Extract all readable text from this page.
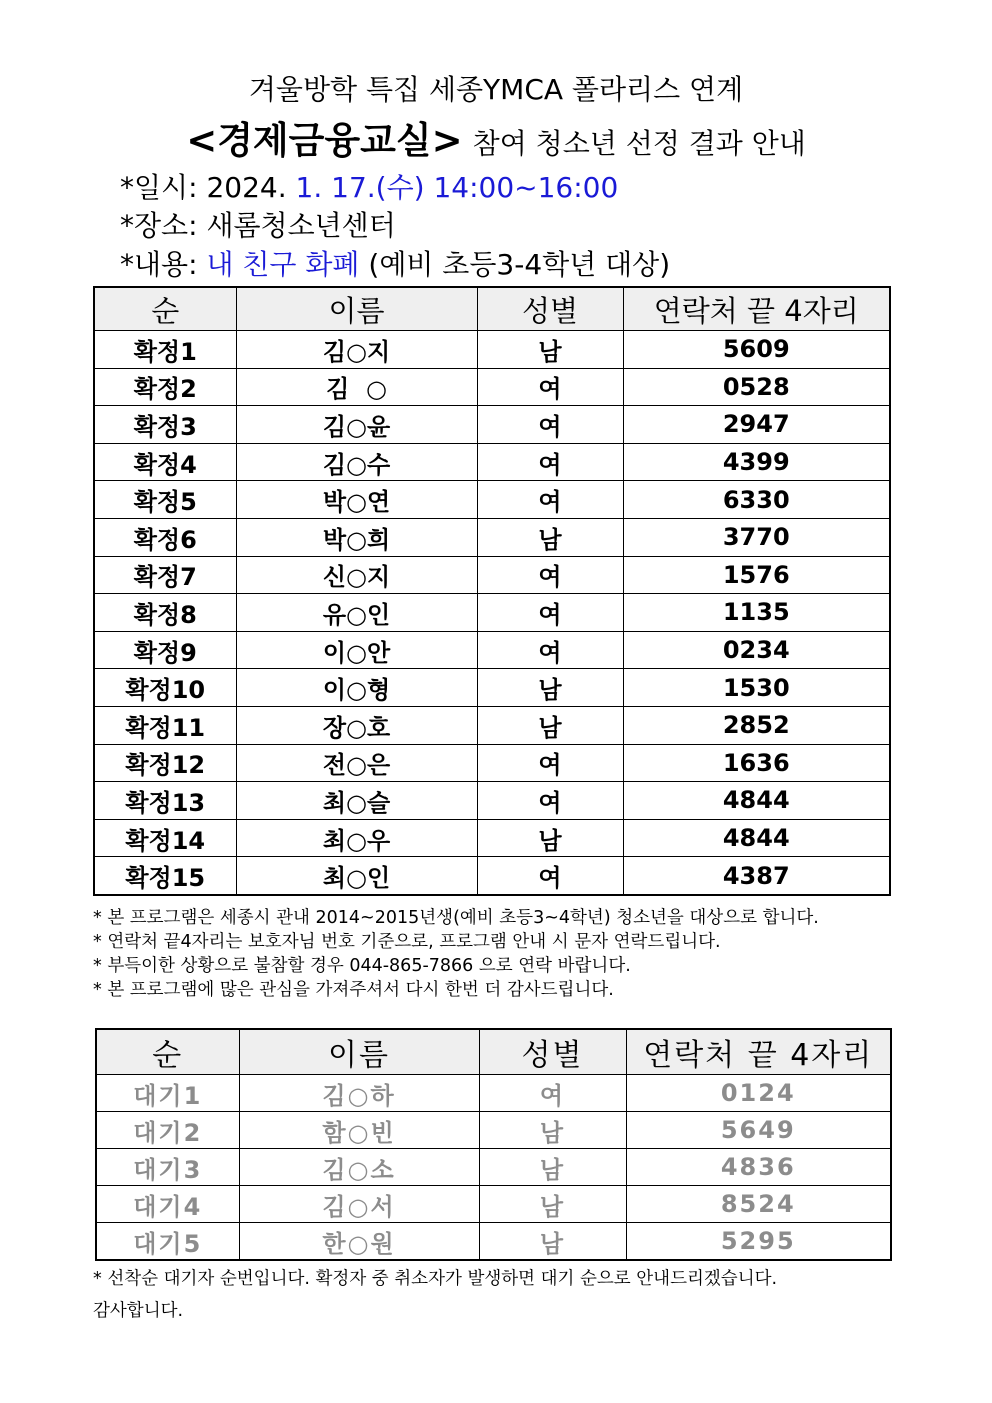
겨울방학 특집 세종YMCA 폴라리스 연계
<경제금융교실> 참여 청소년 선정 결과 안내
*일시: 2024. 1. 17.(수) 14:00~16:00
*장소: 새롬청소년센터
*내용: 내 친구 화폐 (예비 초등3-4학년 대상)
순	이름	성별	연락처 끝 4자리
확정1	김○지	남	5609
확정2	김  ○	여	0528
확정3	김○윤	여	2947
확정4	김○수	여	4399
확정5	박○연	여	6330
확정6	박○희	남	3770
확정7	신○지	여	1576
확정8	유○인	여	1135
확정9	이○안	여	0234
확정10	이○형	남	1530
확정11	장○호	남	2852
확정12	전○은	여	1636
확정13	최○슬	여	4844
확정14	최○우	남	4844
확정15	최○인	여	4387
* 본 프로그램은 세종시 관내 2014~2015년생(예비 초등3~4학년) 청소년을 대상으로 합니다.
* 연락처 끝4자리는 보호자님 번호 기준으로, 프로그램 안내 시 문자 연락드립니다.
* 부득이한 상황으로 불참할 경우 044-865-7866 으로 연락 바랍니다.
* 본 프로그램에 많은 관심을 가져주셔서 다시 한번 더 감사드립니다.
순	이름	성별	연락처 끝 4자리
대기1	김○하	여	0124
대기2	함○빈	남	5649
대기3	김○소	남	4836
대기4	김○서	남	8524
대기5	한○원	남	5295
* 선착순 대기자 순번입니다. 확정자 중 취소자가 발생하면 대기 순으로 안내드리겠습니다.
감사합니다.
